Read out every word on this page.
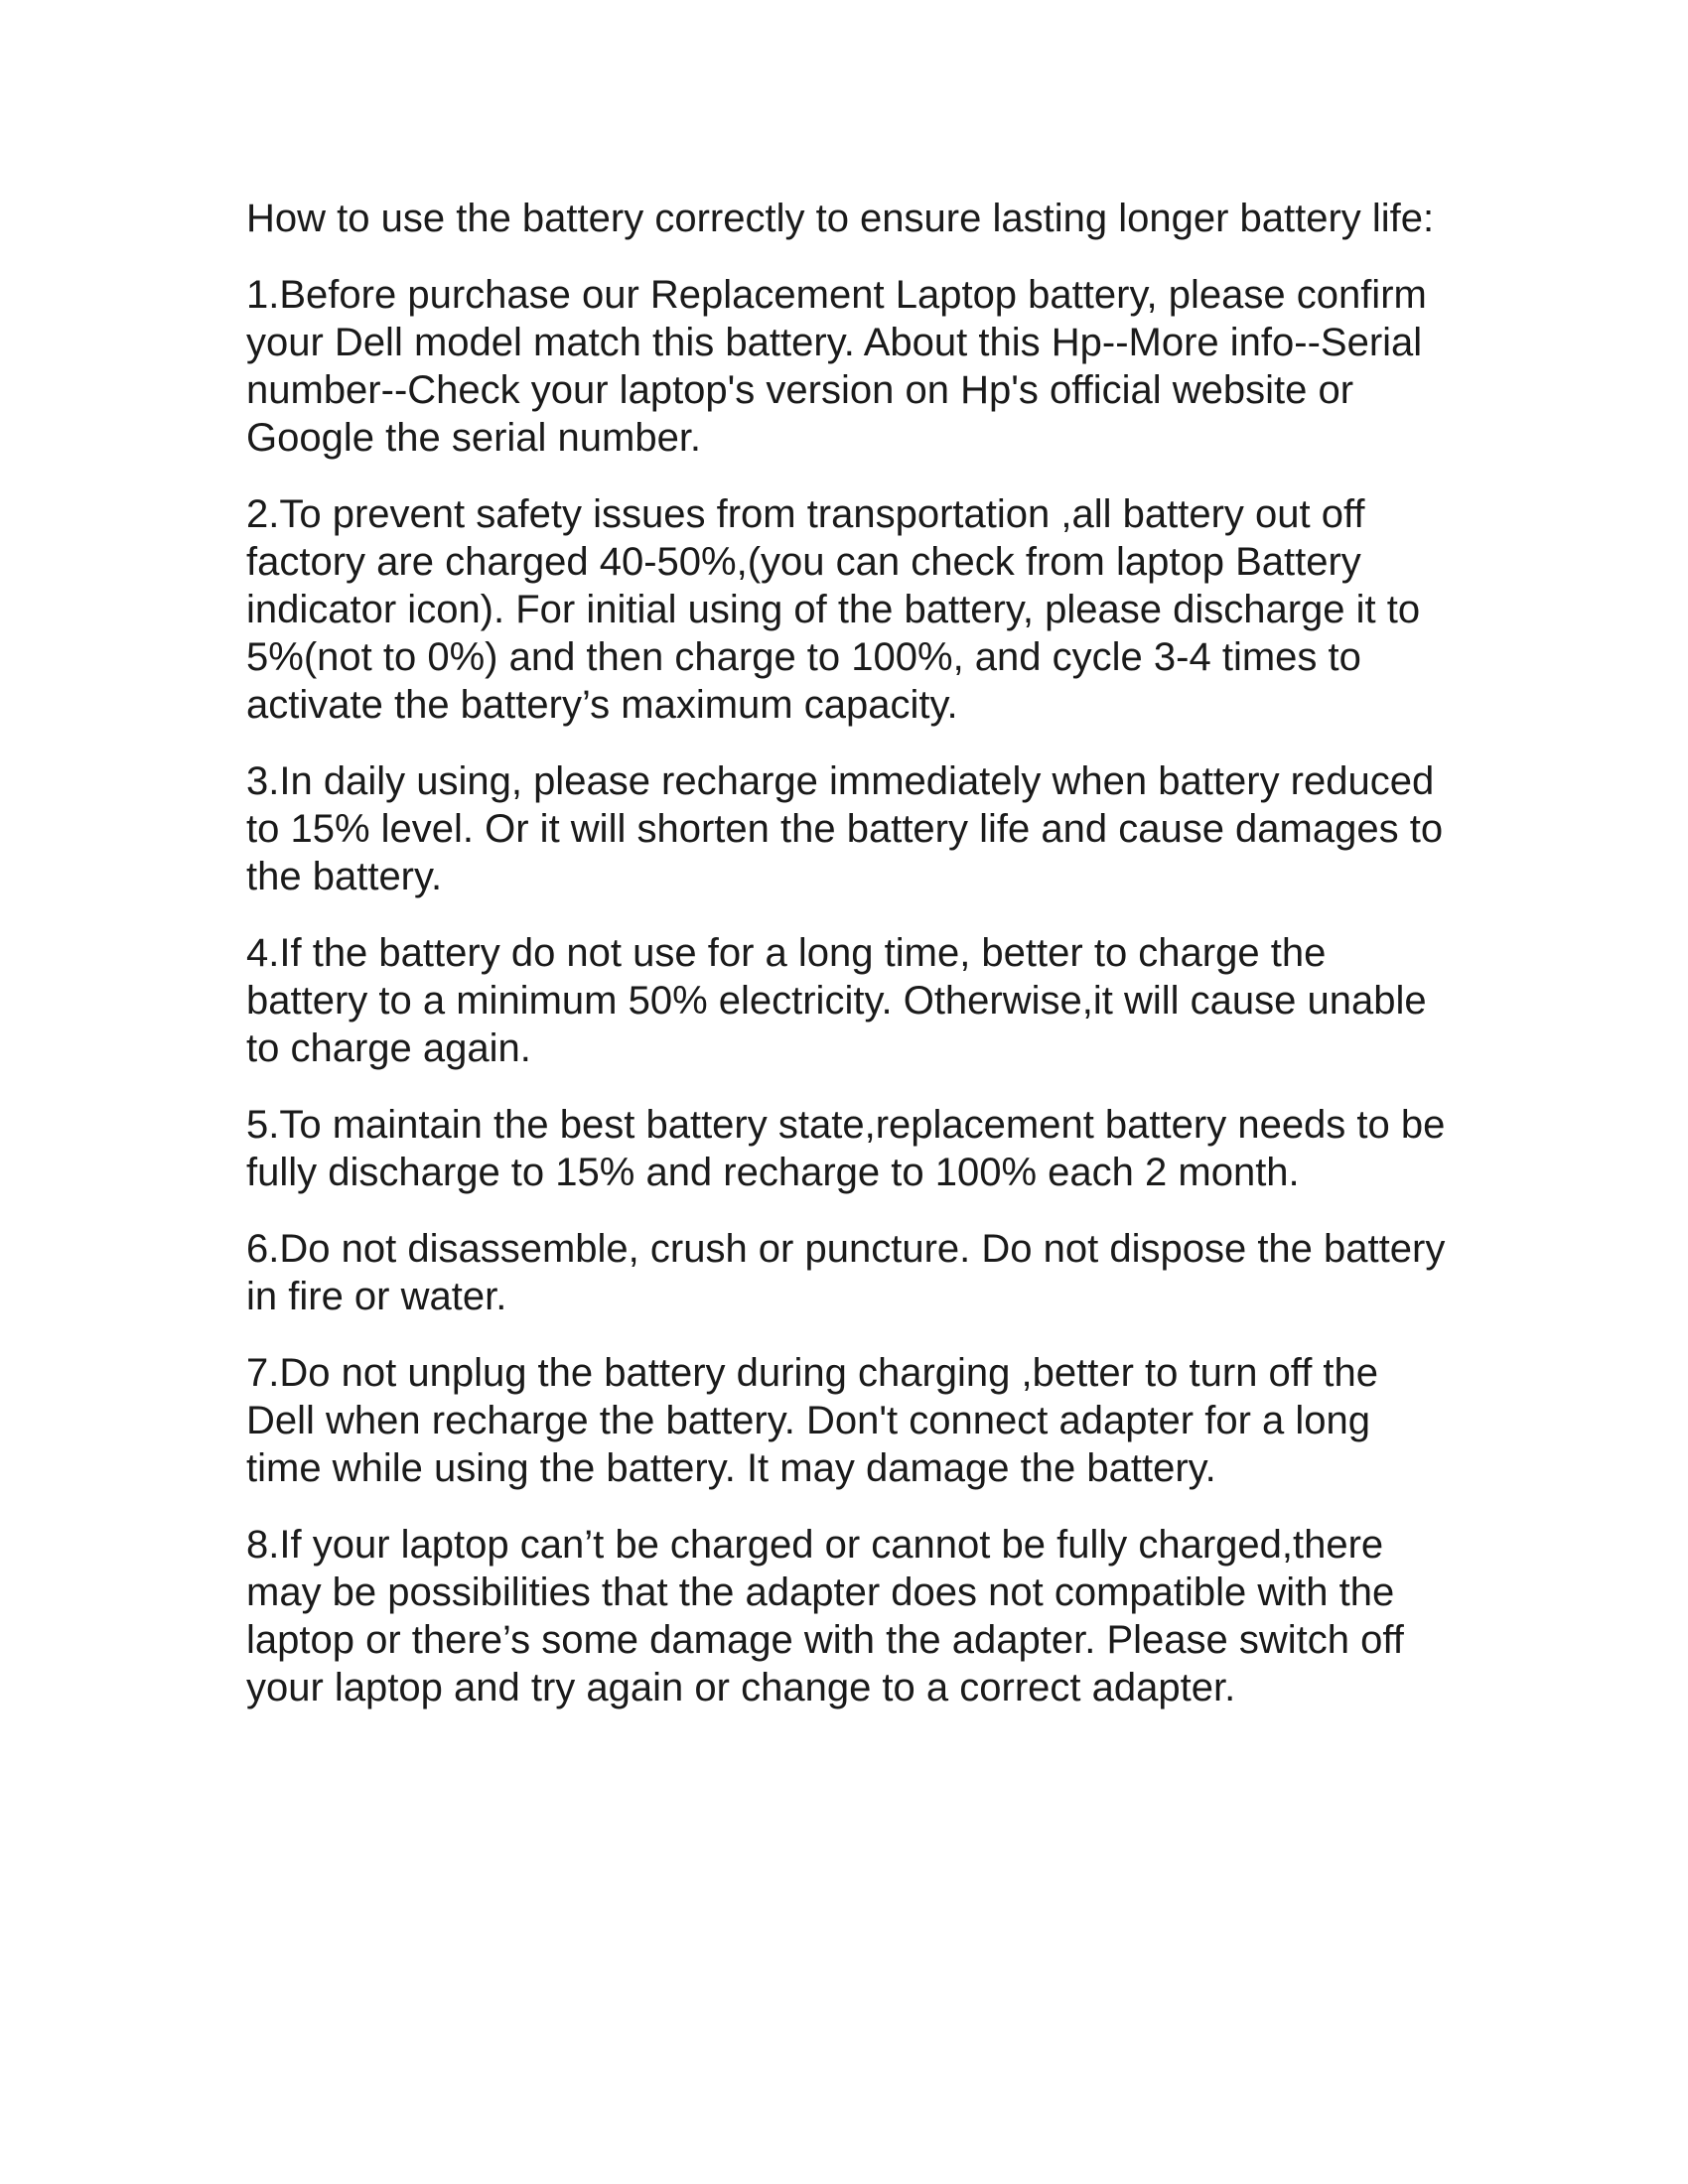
How to use the battery correctly to ensure lasting longer battery life:

1.Before purchase our Replacement Laptop battery, please confirm your Dell model match this battery. About this Hp--More info--Serial number--Check your laptop's version on Hp's official website or Google the serial number.

2.To prevent safety issues from transportation ,all battery out off factory are charged 40-50%,(you can check from laptop Battery indicator icon). For initial using of the battery, please discharge it to 5%(not to 0%) and then charge to 100%, and cycle 3-4 times to activate the battery’s maximum capacity.

3.In daily using, please recharge immediately when battery reduced to 15% level. Or it will shorten the battery life and cause damages to the battery.

4.If the battery do not use for a long time, better to charge the battery to a minimum 50% electricity. Otherwise,it will cause unable to charge again.

5.To maintain the best battery state,replacement battery needs to be fully discharge to 15% and recharge to 100% each 2 month.

6.Do not disassemble, crush or puncture. Do not dispose the battery in fire or water.

7.Do not unplug the battery during charging ,better to turn off the Dell when recharge the battery. Don't connect adapter for a long time while using the battery. It may damage the battery.

8.If your laptop can’t be charged or cannot be fully charged,there may be possibilities that the adapter does not compatible with the laptop or there’s some damage with the adapter. Please switch off your laptop and try again or change to a correct adapter.
